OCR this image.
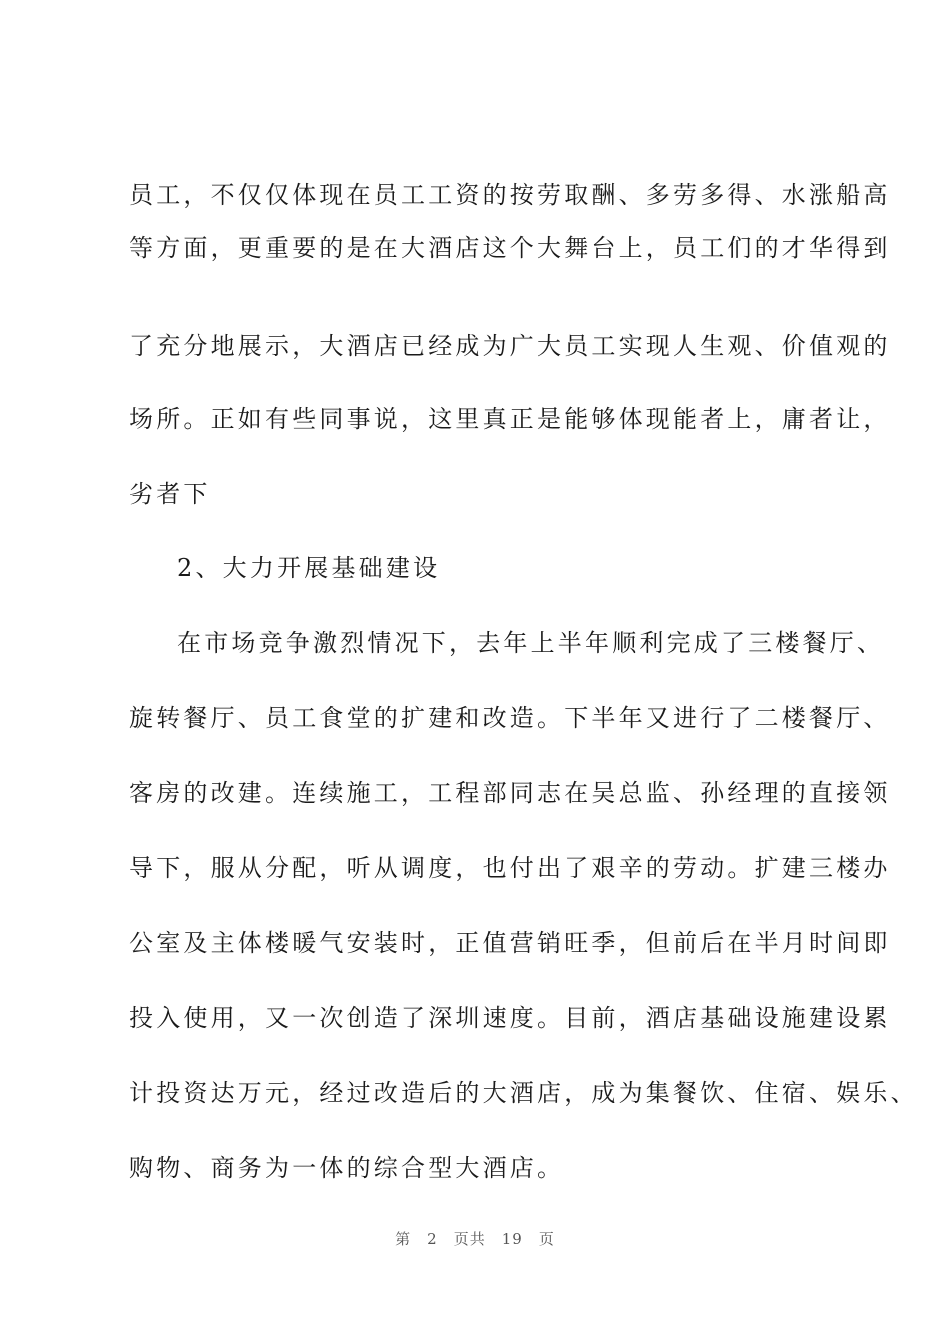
员工，不仅仅体现在员工工资的按劳取酬、多劳多得、水涨船高
等方面，更重要的是在大酒店这个大舞台上，员工们的才华得到
了充分地展示，大酒店已经成为广大员工实现人生观、价值观的
场所。正如有些同事说，这里真正是能够体现能者上，庸者让，
劣者下
2、大力开展基础建设
在市场竞争激烈情况下，去年上半年顺利完成了三楼餐厅、
旋转餐厅、员工食堂的扩建和改造。下半年又进行了二楼餐厅、
客房的改建。连续施工，工程部同志在吴总监、孙经理的直接领
导下，服从分配，听从调度，也付出了艰辛的劳动。扩建三楼办
公室及主体楼暖气安装时，正值营销旺季，但前后在半月时间即
投入使用，又一次创造了深圳速度。目前，酒店基础设施建设累
计投资达万元，经过改造后的大酒店，成为集餐饮、住宿、娱乐、
购物、商务为一体的综合型大酒店。
第 2 页共 19 页
